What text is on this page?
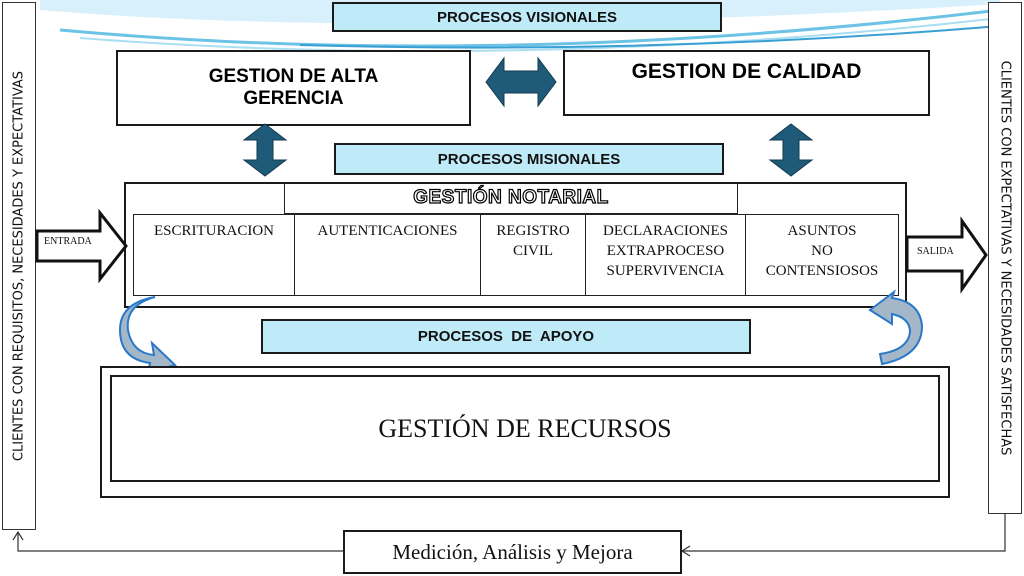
CLIENTES CON REQUISITOS, NECESIDADES Y EXPECTATIVAS	CLIENTES CON EXPECTATIVAS Y NECESIDADES SATISFECHAS
PROCESOS VISIONALES
GESTION DE ALTA
GERENCIA
GESTION DE CALIDAD
PROCESOS MISIONALES
GESTIÓN NOTARIAL
ESCRITURACION	AUTENTICACIONES	REGISTRO
CIVIL
DECLARACIONES
EXTRAPROCESO
SUPERVIVENCIA
ASUNTOS
NO
CONTENSIOSOS
ENTRADA
SALIDA
PROCESOS  DE  APOYO
GESTIÓN DE RECURSOS
Medición, Análisis y Mejora
